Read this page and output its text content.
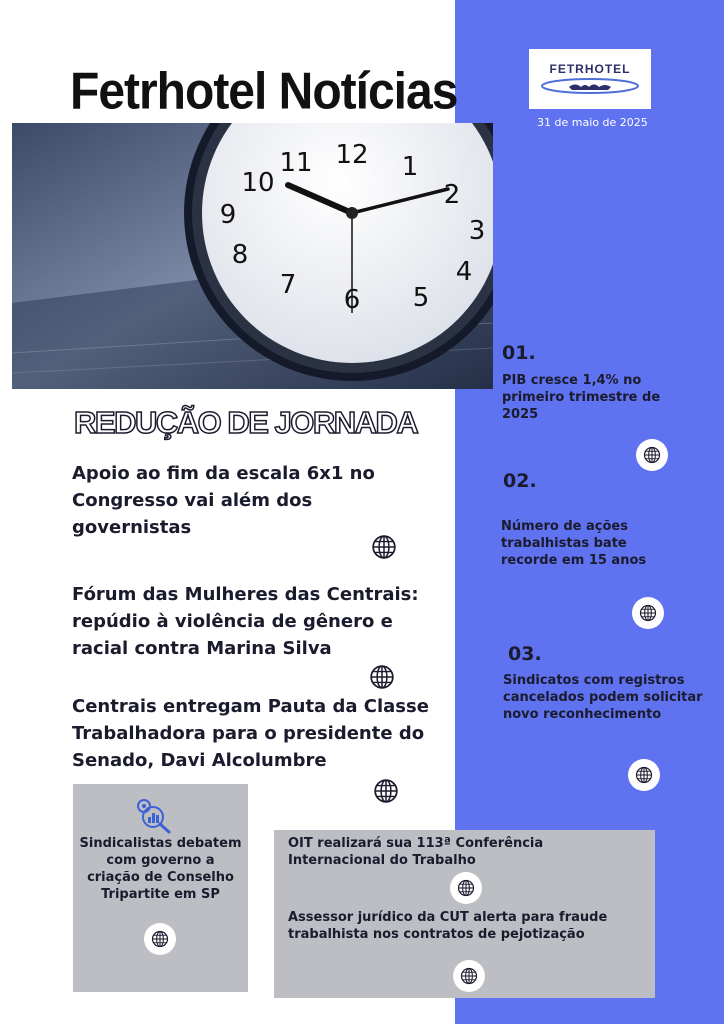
Fetrhotel Notícias	FETRHOTEL
31 de maio de 2025
12 1
2
3
4
5
6
7
8
9
10
11
REDUÇÃO DE JORNADA

Apoio ao fim da escala 6x1 no Congresso vai além dos governistas

Fórum das Mulheres das Centrais: repúdio à violência de gênero e racial contra Marina Silva

Centrais entregam Pauta da Classe Trabalhadora para o presidente do Senado, Davi Alcolumbre

01.

PIB cresce 1,4% no primeiro trimestre de 2025

02.

Número de ações trabalhistas bate recorde em 15 anos

03.

Sindicatos com registros cancelados podem solicitar novo reconhecimento

Sindicalistas debatem com governo a criação de Conselho Tripartite em SP

OIT realizará sua 113ª Conferência Internacional do Trabalho

Assessor jurídico da CUT alerta para fraude trabalhista nos contratos de pejotização
